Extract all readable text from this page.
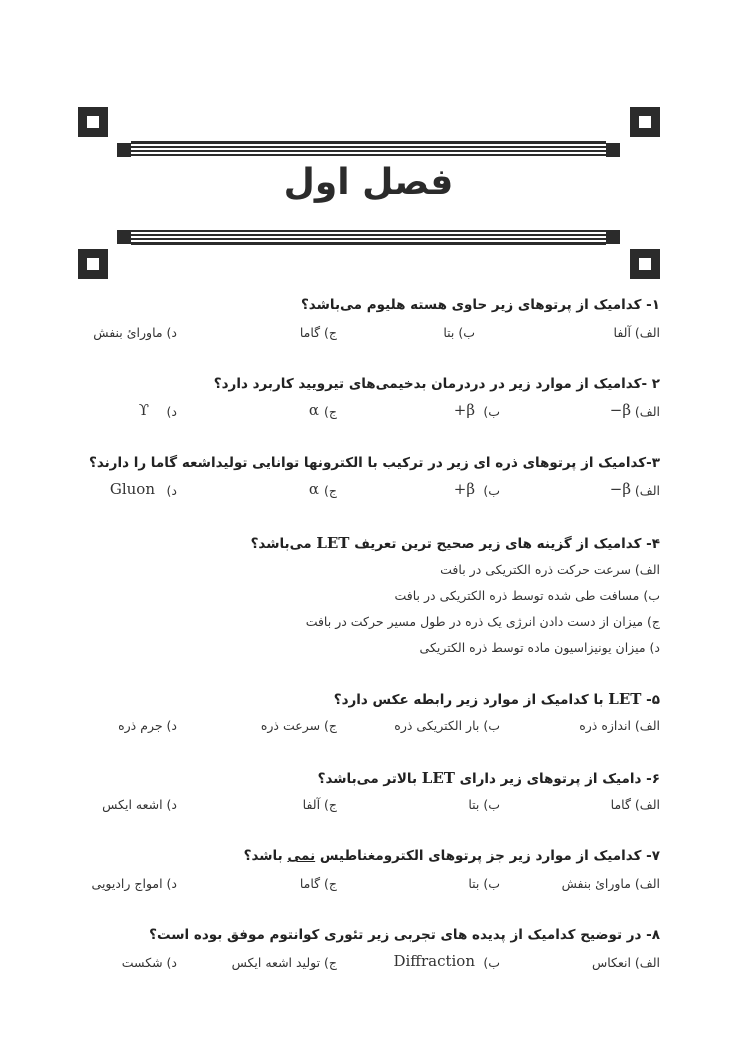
فصل اول
۱- کدامیک از پرتوهای زیر حاوی هسته هلیوم می‌باشد؟
الف) آلفا
ب) بتا
ج) گاما
د) ماورائ بنفش
۲ -کدامیک از موارد زیر در دردرمان بدخیمی‌های تیرویید کاربرد دارد؟
الف)
β−
ب)
β+
ج)
α
د)
ϒ
۳-کدامیک از پرتوهای ذره ای زیر در ترکیب با الکترونها توانایی تولیداشعه گاما را دارند؟
الف)
β−
ب)
β+
ج)
α
د)
Gluon
۴- کدامیک از گزینه های زیر صحیح ترین تعریف LET می‌باشد؟
الف) سرعت حرکت ذره الکتریکی در بافت
ب) مسافت طی شده توسط ذره الکتریکی در بافت
ج) میزان از دست دادن انرژی یک ذره در طول مسیر حرکت در بافت
د) میزان یونیزاسیون ماده توسط ذره الکتریکی
۵- LET با کدامیک از موارد زیر رابطه عکس دارد؟
الف) اندازه ذره
ب) بار الکتریکی ذره
ج) سرعت ذره
د) جرم ذره
۶- دامیک از پرتوهای زیر دارای LET بالاتر می‌باشد؟
الف) گاما
ب) بتا
ج) آلفا
د) اشعه ایکس
۷- کدامیک از موارد زیر جز پرتوهای الکترومغناطیس نمی باشد؟
الف) ماورائ بنفش
ب) بتا
ج) گاما
د) امواج رادیویی
۸- در توضیح کدامیک از پدیده های تجربی زیر تئوری کوانتوم موفق بوده است؟
الف) انعکاس
ب)
Diffraction
ج) تولید اشعه ایکس
د) شکست
